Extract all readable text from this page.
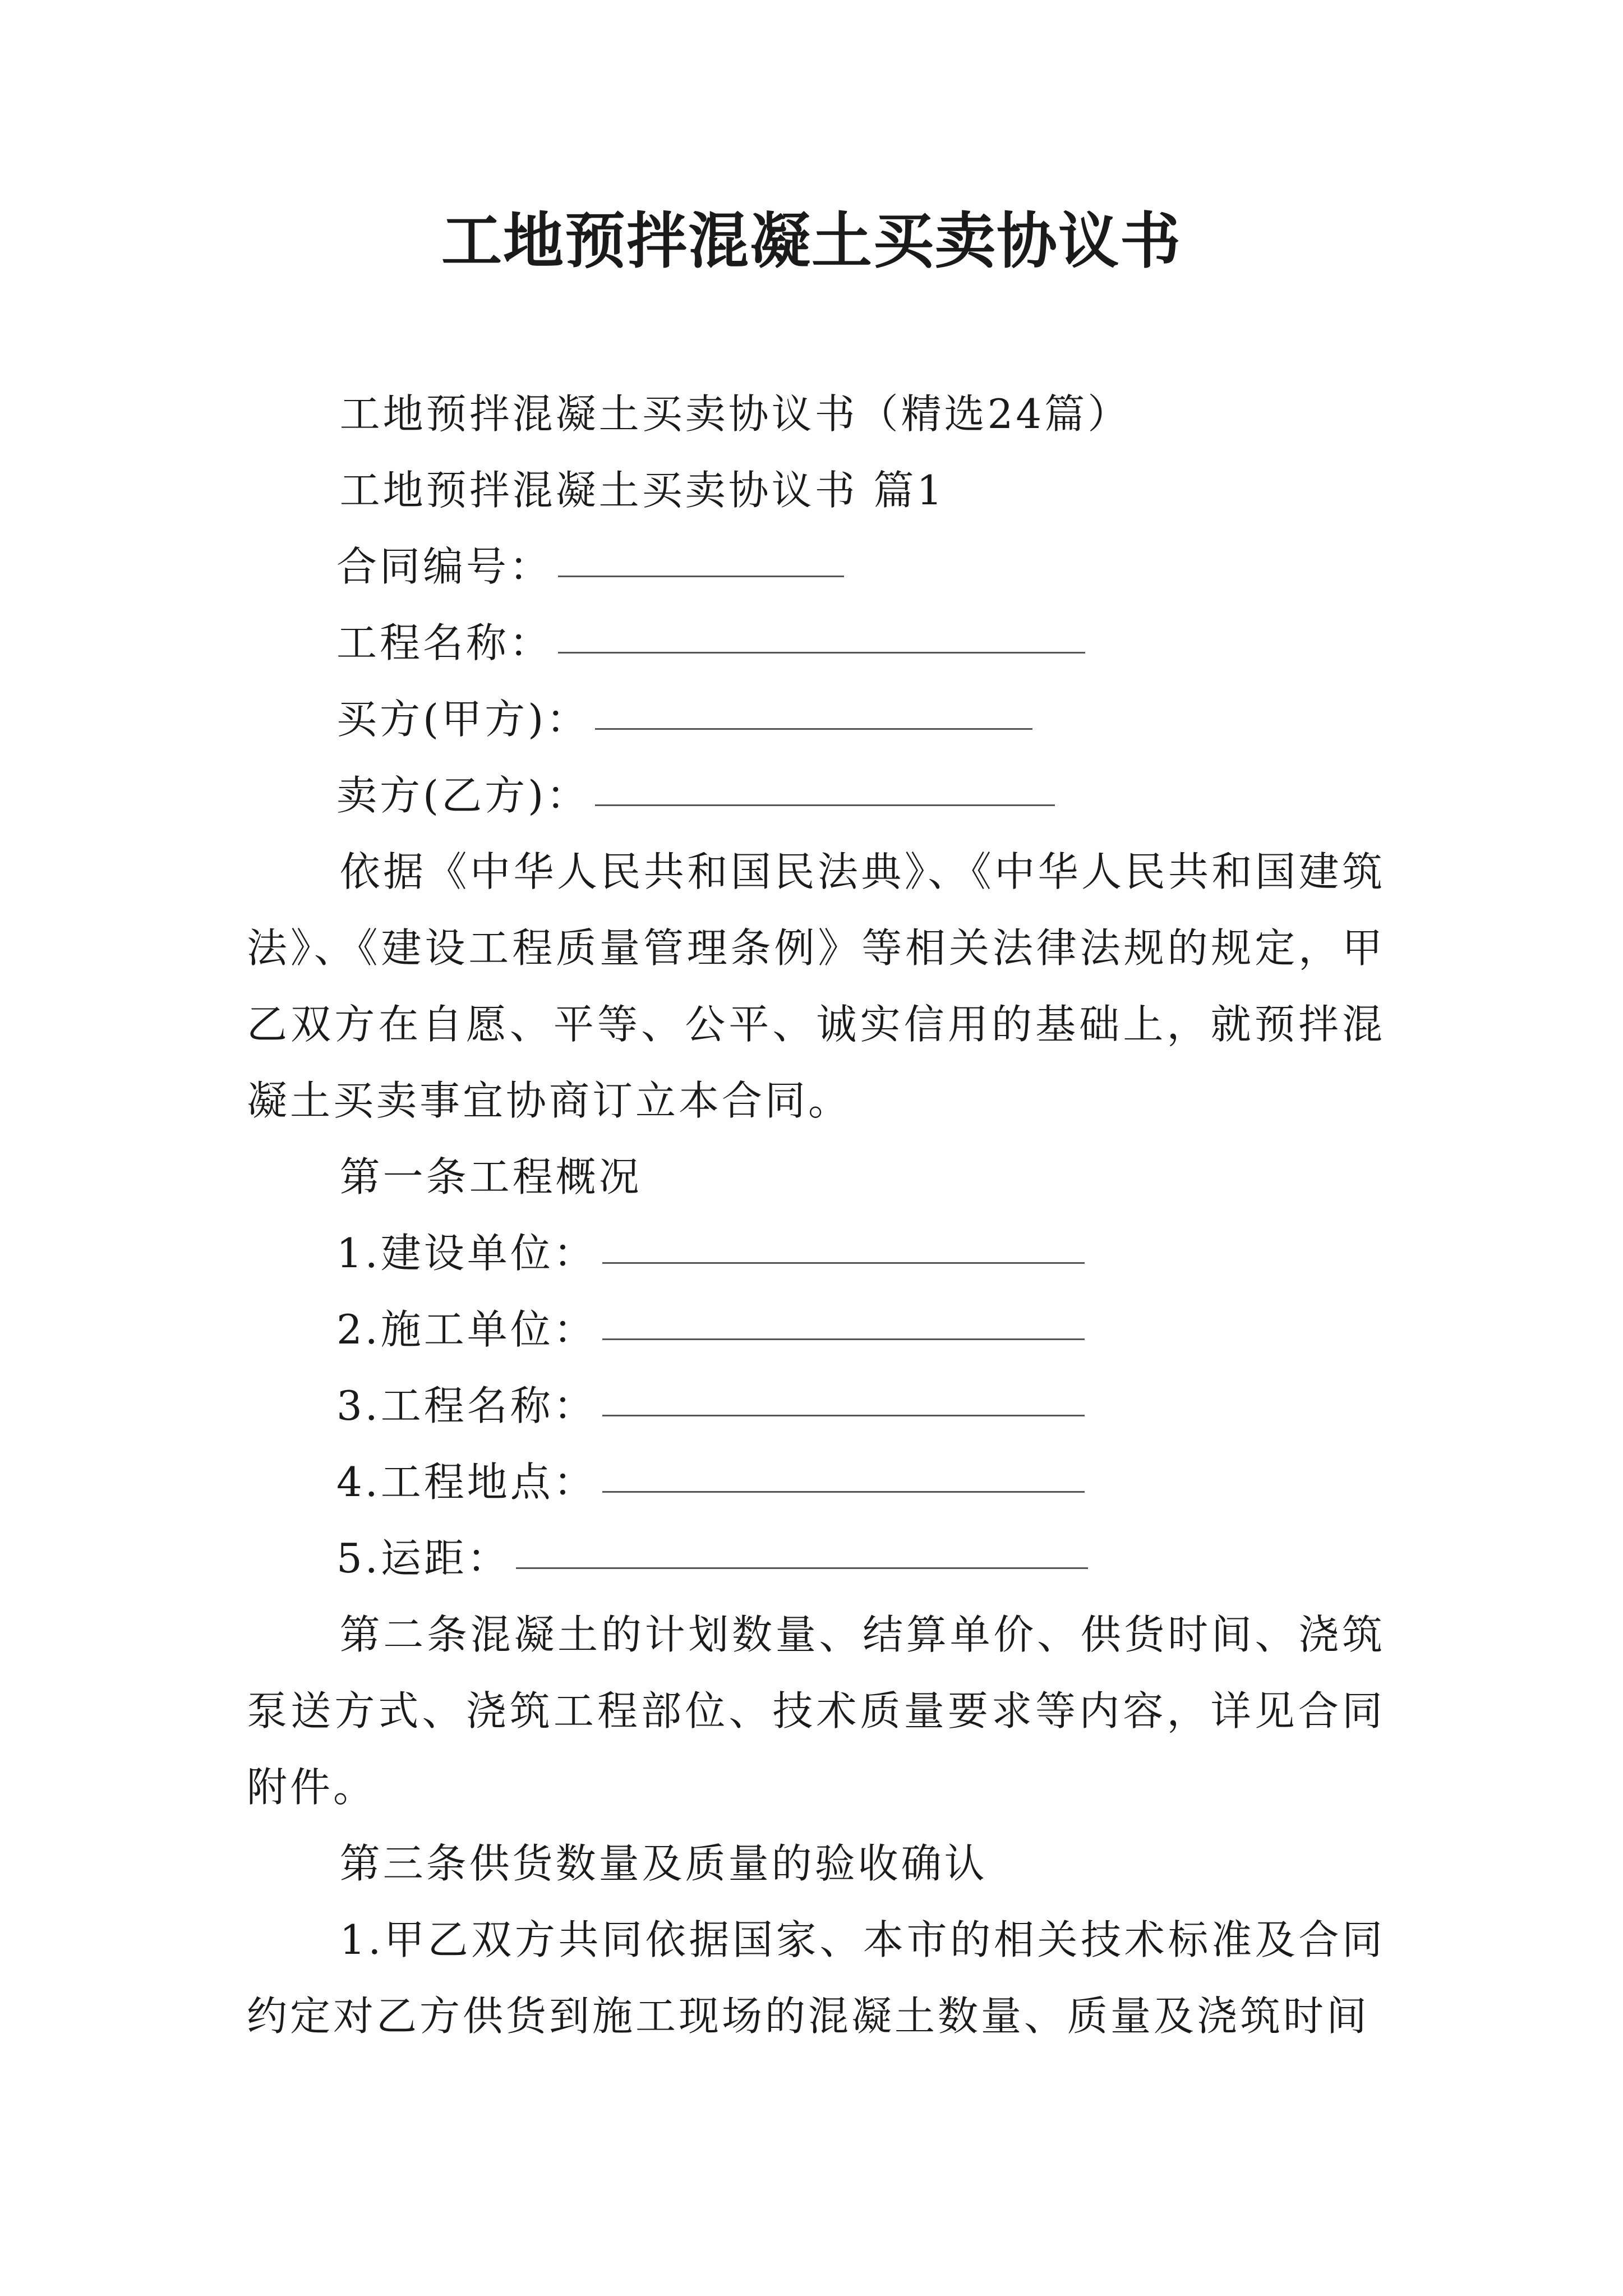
工地预拌混凝土买卖协议书

工地预拌混凝土买卖协议书（精选24篇）

工地预拌混凝土买卖协议书 篇1

合同编号：
工程名称：
买方(甲方)：
卖方(乙方)：

依据《中华人民共和国民法典》、《中华人民共和国建筑法》、《建设工程质量管理条例》等相关法律法规的规定，甲乙双方在自愿、平等、公平、诚实信用的基础上，就预拌混凝土买卖事宜协商订立本合同。

第一条工程概况

1.建设单位：
2.施工单位：
3.工程名称：
4.工程地点：
5.运距：

第二条混凝土的计划数量、结算单价、供货时间、浇筑泵送方式、浇筑工程部位、技术质量要求等内容，详见合同附件。

第三条供货数量及质量的验收确认

1.甲乙双方共同依据国家、本市的相关技术标准及合同约定对乙方供货到施工现场的混凝土数量、质量及浇筑时间
